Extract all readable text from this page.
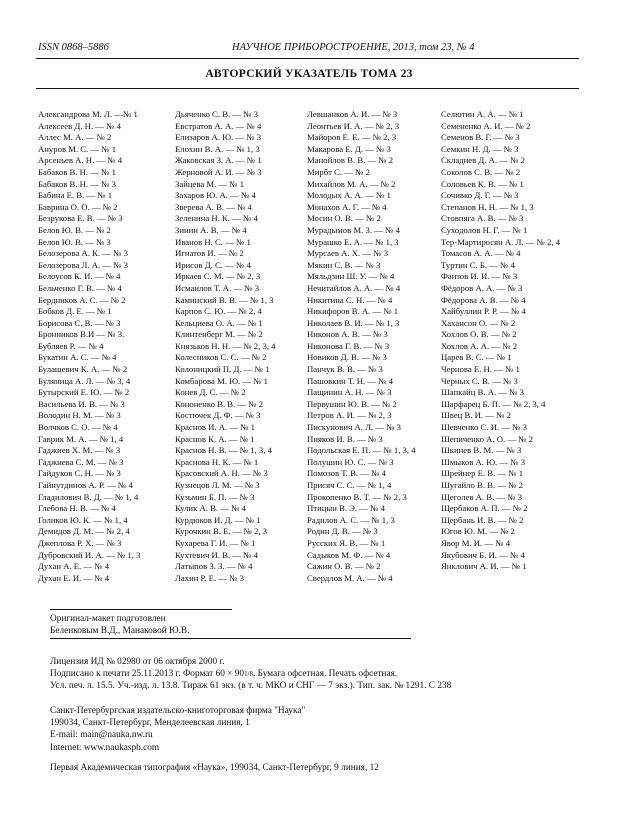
ISSN 0868–5886	НАУЧНОЕ ПРИБОРОСТРОЕНИЕ, 2013, том 23, № 4
АВТОРСКИЙ УКАЗАТЕЛЬ ТОМА 23
Александрова М. Л. —№ 1
Алексеев Д. Н. — № 4
Аллес М. А. — № 2
Ануров М. С. — № 1
Арсеньев А. Н. — № 4
Бабаков В. Н. — № 1
Бабаков В. Н. — № 3
Бабина Е. В. — № 1
Баврина О. О. — № 2
Безрукова Е. В. — № 3
Белов Ю. В. — № 2
Белов Ю. В. — № 3
Белозерова А. К. — № 3
Белозерова Л. А. — № 3
Белоусов К. И. — № 4
Бельченко Г. В. — № 4
Бердников А. С. — № 2
Бобков Д. Е. — № 1
Борисова С. В. — № 3
Бронников В.И — № 3.
Бубляев Р. — № 4
Букатин А. С. — № 4
Булашевич К. А. — № 2
Буляница А. Л. — № 3, 4
Бутырский Е. Ю. — № 2
Васильева И. В. — № 3
Володин Н. М. — № 3
Волчков С. О. — № 4
Гаврик М. А. — № 1, 4
Гаджиев Х. М. — № 3
Гаджиева С. М. — № 3
Гайдуков С. Н. — № 3
Гайнутдинов А. Р. — № 4
Гладилович В. Д. — № 1, 4
Глебова Н. В. — № 4
Голиков Ю. К. — № 1, 4
Демидов Д. М. — № 2, 4
Джеплова Р. Х. — № 3
Дубровский И. А. — № 1, 3
Духан А. Е. — № 4
Духан Е. И. — № 4
Дьяченко С. В. — № 3
Евстратов А. А. — № 4
Елизаров А. Ю. — № 3
Елохин В. А. — № 1, 3
Жаковская З. А. — № 1
Жерновой А. И. — № 3
Зайцева М. — № 1
Захаров Ю. А. — № 4
Зверева А. В. — № 4
Зеленина Н. К. — № 4
Зинин А. В. — № 4
Иванов Н. С. — № 1
Игнатов И. — № 2
Ирисов Д. С. — № 4
Иркаев С. М. — № 2, 3
Исмаилов Т. А. — № 3
Каминский В. В. — № 1, 3
Карпов С. Ю. — № 2, 4
Кельциева О. А. — № 1
Клинтенберг М. — № 2
Князьков Н. Н. — № 2, 3, 4
Колесников С. С. — № 2
Колоницкий П. Д. — № 1
Комбарова М. Ю. — № 1
Конев Д. С. — № 2
Кононенко В. В. — № 2
Костючек Д. Ф. — № 3
Краснов И. А. — № 1
Краснов К. А. — № 1
Краснов Н. В. — № 1, 3, 4
Краснова Н. К. — № 1
Красовский А. Н. — № 3
Кузнецов Л. М. — № 3
Кузьмин Б. П. — № 3
Кулик А. В. — № 4
Курдюков И. Д. — № 1
Курочкин В. Е. — № 2, 3
Кухарева Г. И. — № 1
Кухтевич И. В. — № 4
Латыпов З. З. — № 4
Лахин Р. Е. — № 3
Левшанков А. И. — № 3
Леонтьев И. А. — № 2, 3
Майоров Е. Е. — № 2, 3
Макарова Е. Д. — № 3
Манойлов В. В. — № 2
Мирбт С. — № 2
Михайлов М. А. — № 2
Молодых А. А. — № 1
Монахов А. Г. — № 4
Мосин О. В. — № 2
Мурадымов М. З. — № 4
Мурашко Е. А. — № 1, 3
Мурсаев А. Х. — № 3
Мякин С. В. — № 3
Мяльдзин Ш. У. — № 4
Нечитайлов А. А. — № 4
Никитина С. Н. — № 4
Никифоров В. А. — № 1
Николаев В. И. — № 1, 3
Никонов А. В. — № 3
Никонова Г. В. — № 3
Новиков Д. В. — № 3
Панчук В. В. — № 3
Пашовкин Т. Н. — № 4
Пащинин А. Н. — № 3
Первушин Ю. В. — № 2
Петров А. И. — № 2, 3
Пискунович А. Л. — № 3
Пияков И. В. — № 3
Подольская Е. П. — № 1, 3, 4
Полушин Ю. С. — № 3
Помозов Т. В. — № 4
Присяч С. С. — № 1, 4
Прокопенко В. Т. — № 2, 3
Птицын В. Э. — № 4
Радилов А. С. — № 1, 3
Родин Д. В. — № 3
Русских Я. В. — № 1
Садыков М. Ф. — № 4
Сажин О. В. — № 2
Свердлов М. А. — № 4
Селютин А. А. — № 1
Семененко А. И. — № 2
Семенов В. Г. — № 3
Семкин Н. Д. — № 3
Складнев Д. А. — № 2
Соколов С. В. — № 2
Соловьев К. В. — № 1
Сочивко Д. Г. — № 3
Степанов Н. Н. — № 1, 3
Стовпяга А. В. — № 3
Суходолов Н. Г. — № 1
Тер-Мартиросян А. Л. — № 2, 4
Томасов А. А. — № 4
Туртин С. Б. — № 4
Фаизов И. И. — № 3
Фёдоров А. А. — № 3
Фёдорова А. В. — № 4
Хайбуллин Р. Р. — № 4
Хахансон О. — № 2
Хохлов О. В. — № 2
Хохлов А. А. — № 2
Царев В. С. — № 1
Чернова Е. Н. — № 1
Черных С. В. — № 3
Шапкайц В. А. — № 3
Шарфарец Б. П. — № 2, 3, 4
Швец В. И. — № 2
Шевченко С. И. — № 3
Шепиченко А. О. — № 2
Шкинев В. М. — № 3
Шмыков А. Ю. — № 3
Шрейнер Е. В. — № 1
Шугайло В. В. — № 2
Щеголев А. В. — № 3
Щербаков А. П. — № 2
Щербань И. В. — № 2
Югов Ю. М. — № 2
Явор М. И. — № 4
Якубович Б. И. — № 4
Янклович А. И. — № 1
Оригинал-макет подготовлен
Беленковым В.Д., Манаковой Ю.В.
Лицензия ИД № 02980 от 06 октября 2000 г.
Подписано к печати 25.11.2013 г. Формат 60 × 901/8. Бумага офсетная. Печать офсетная.
Усл. печ. л. 15.5. Уч.-изд. л. 13.8. Тираж 61 экз. (в т. ч. МКО и СНГ — 7 экз.). Тип. зак. № 1291. С 238
Санкт-Петербургская издательско-книготорговая фирма "Наука"
199034, Санкт-Петербург, Менделеевская линия, 1
E-mail: main@nauka.nw.ru
Internet: www.naukaspb.com
Первая Академическая типография «Наука», 199034, Санкт-Петербург, 9 линия, 12
